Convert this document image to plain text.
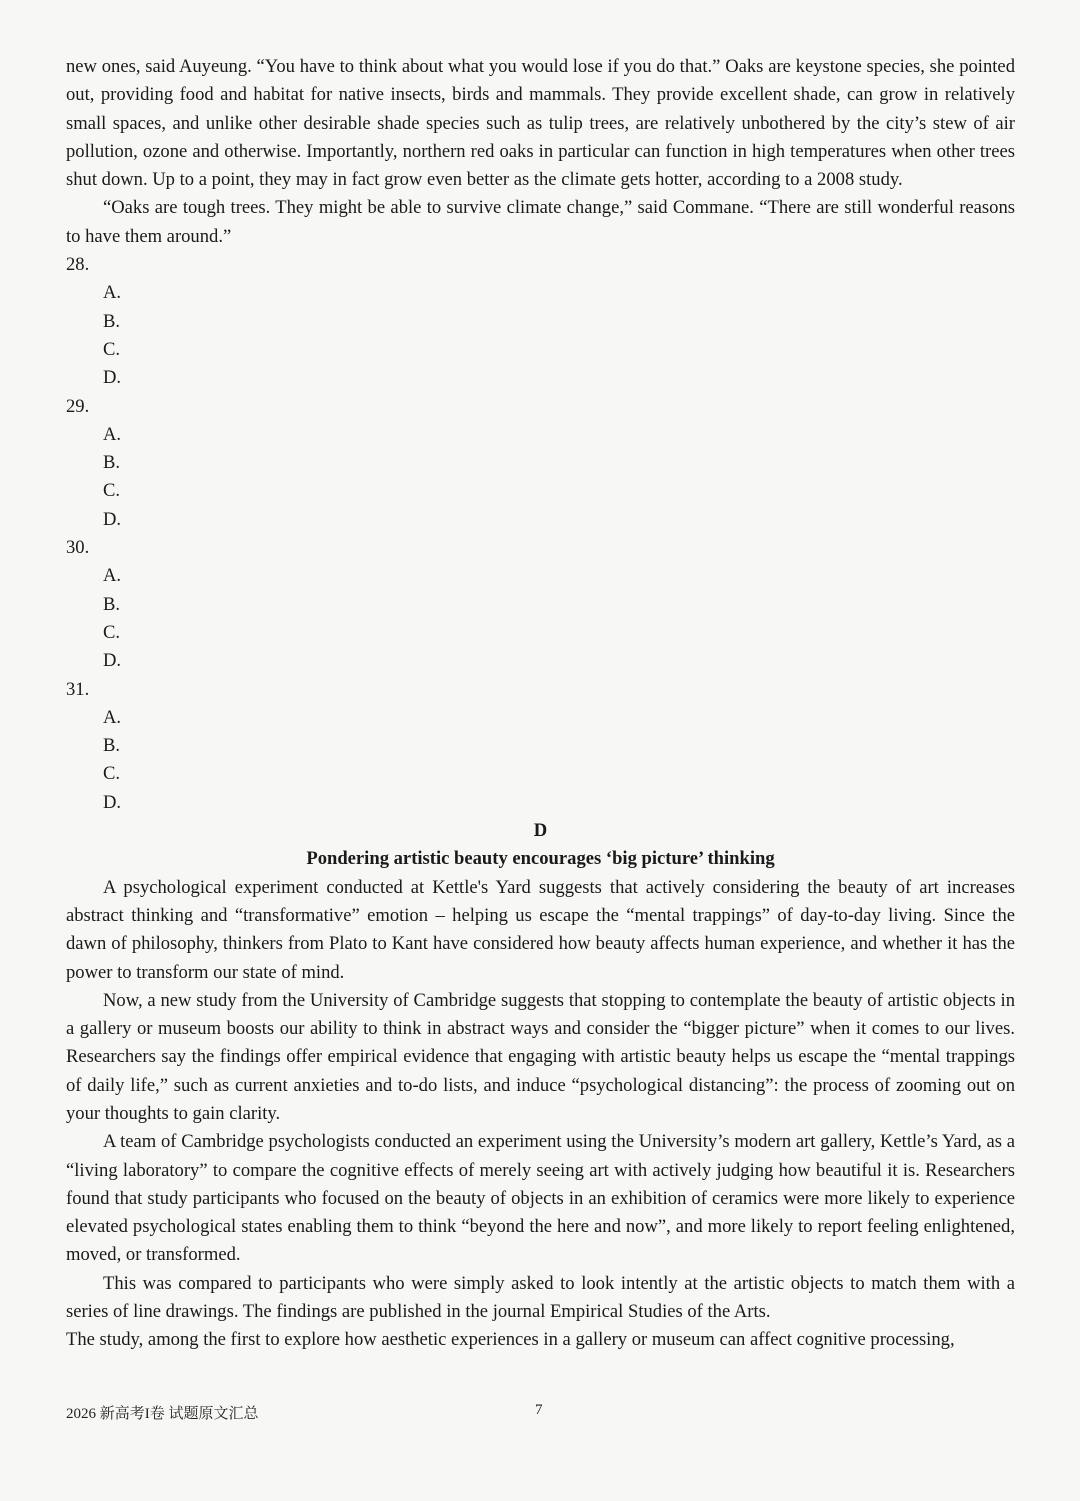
new ones, said Auyeung. “You have to think about what you would lose if you do that.” Oaks are keystone species, she pointed out, providing food and habitat for native insects, birds and mammals. They provide excellent shade, can grow in relatively small spaces, and unlike other desirable shade species such as tulip trees, are relatively unbothered by the city’s stew of air pollution, ozone and otherwise. Importantly, northern red oaks in particular can function in high temperatures when other trees shut down. Up to a point, they may in fact grow even better as the climate gets hotter, according to a 2008 study.

“Oaks are tough trees. They might be able to survive climate change,” said Commane. “There are still wonderful reasons to have them around.”

28.
A.
B.
C.
D.
29.
A.
B.
C.
D.
30.
A.
B.
C.
D.
31.
A.
B.
C.
D.
D
Pondering artistic beauty encourages ‘big picture’ thinking

A psychological experiment conducted at Kettle's Yard suggests that actively considering the beauty of art increases abstract thinking and “transformative” emotion – helping us escape the “mental trappings” of day-to-day living. Since the dawn of philosophy, thinkers from Plato to Kant have considered how beauty affects human experience, and whether it has the power to transform our state of mind.

Now, a new study from the University of Cambridge suggests that stopping to contemplate the beauty of artistic objects in a gallery or museum boosts our ability to think in abstract ways and consider the “bigger picture” when it comes to our lives. Researchers say the findings offer empirical evidence that engaging with artistic beauty helps us escape the “mental trappings of daily life,” such as current anxieties and to-do lists, and induce “psychological distancing”: the process of zooming out on your thoughts to gain clarity.

A team of Cambridge psychologists conducted an experiment using the University’s modern art gallery, Kettle’s Yard, as a “living laboratory” to compare the cognitive effects of merely seeing art with actively judging how beautiful it is. Researchers found that study participants who focused on the beauty of objects in an exhibition of ceramics were more likely to experience elevated psychological states enabling them to think “beyond the here and now”, and more likely to report feeling enlightened, moved, or transformed.

This was compared to participants who were simply asked to look intently at the artistic objects to match them with a series of line drawings. The findings are published in the journal Empirical Studies of the Arts.

The study, among the first to explore how aesthetic experiences in a gallery or museum can affect cognitive processing,

2026 新高考I卷 试题原文汇总	7
